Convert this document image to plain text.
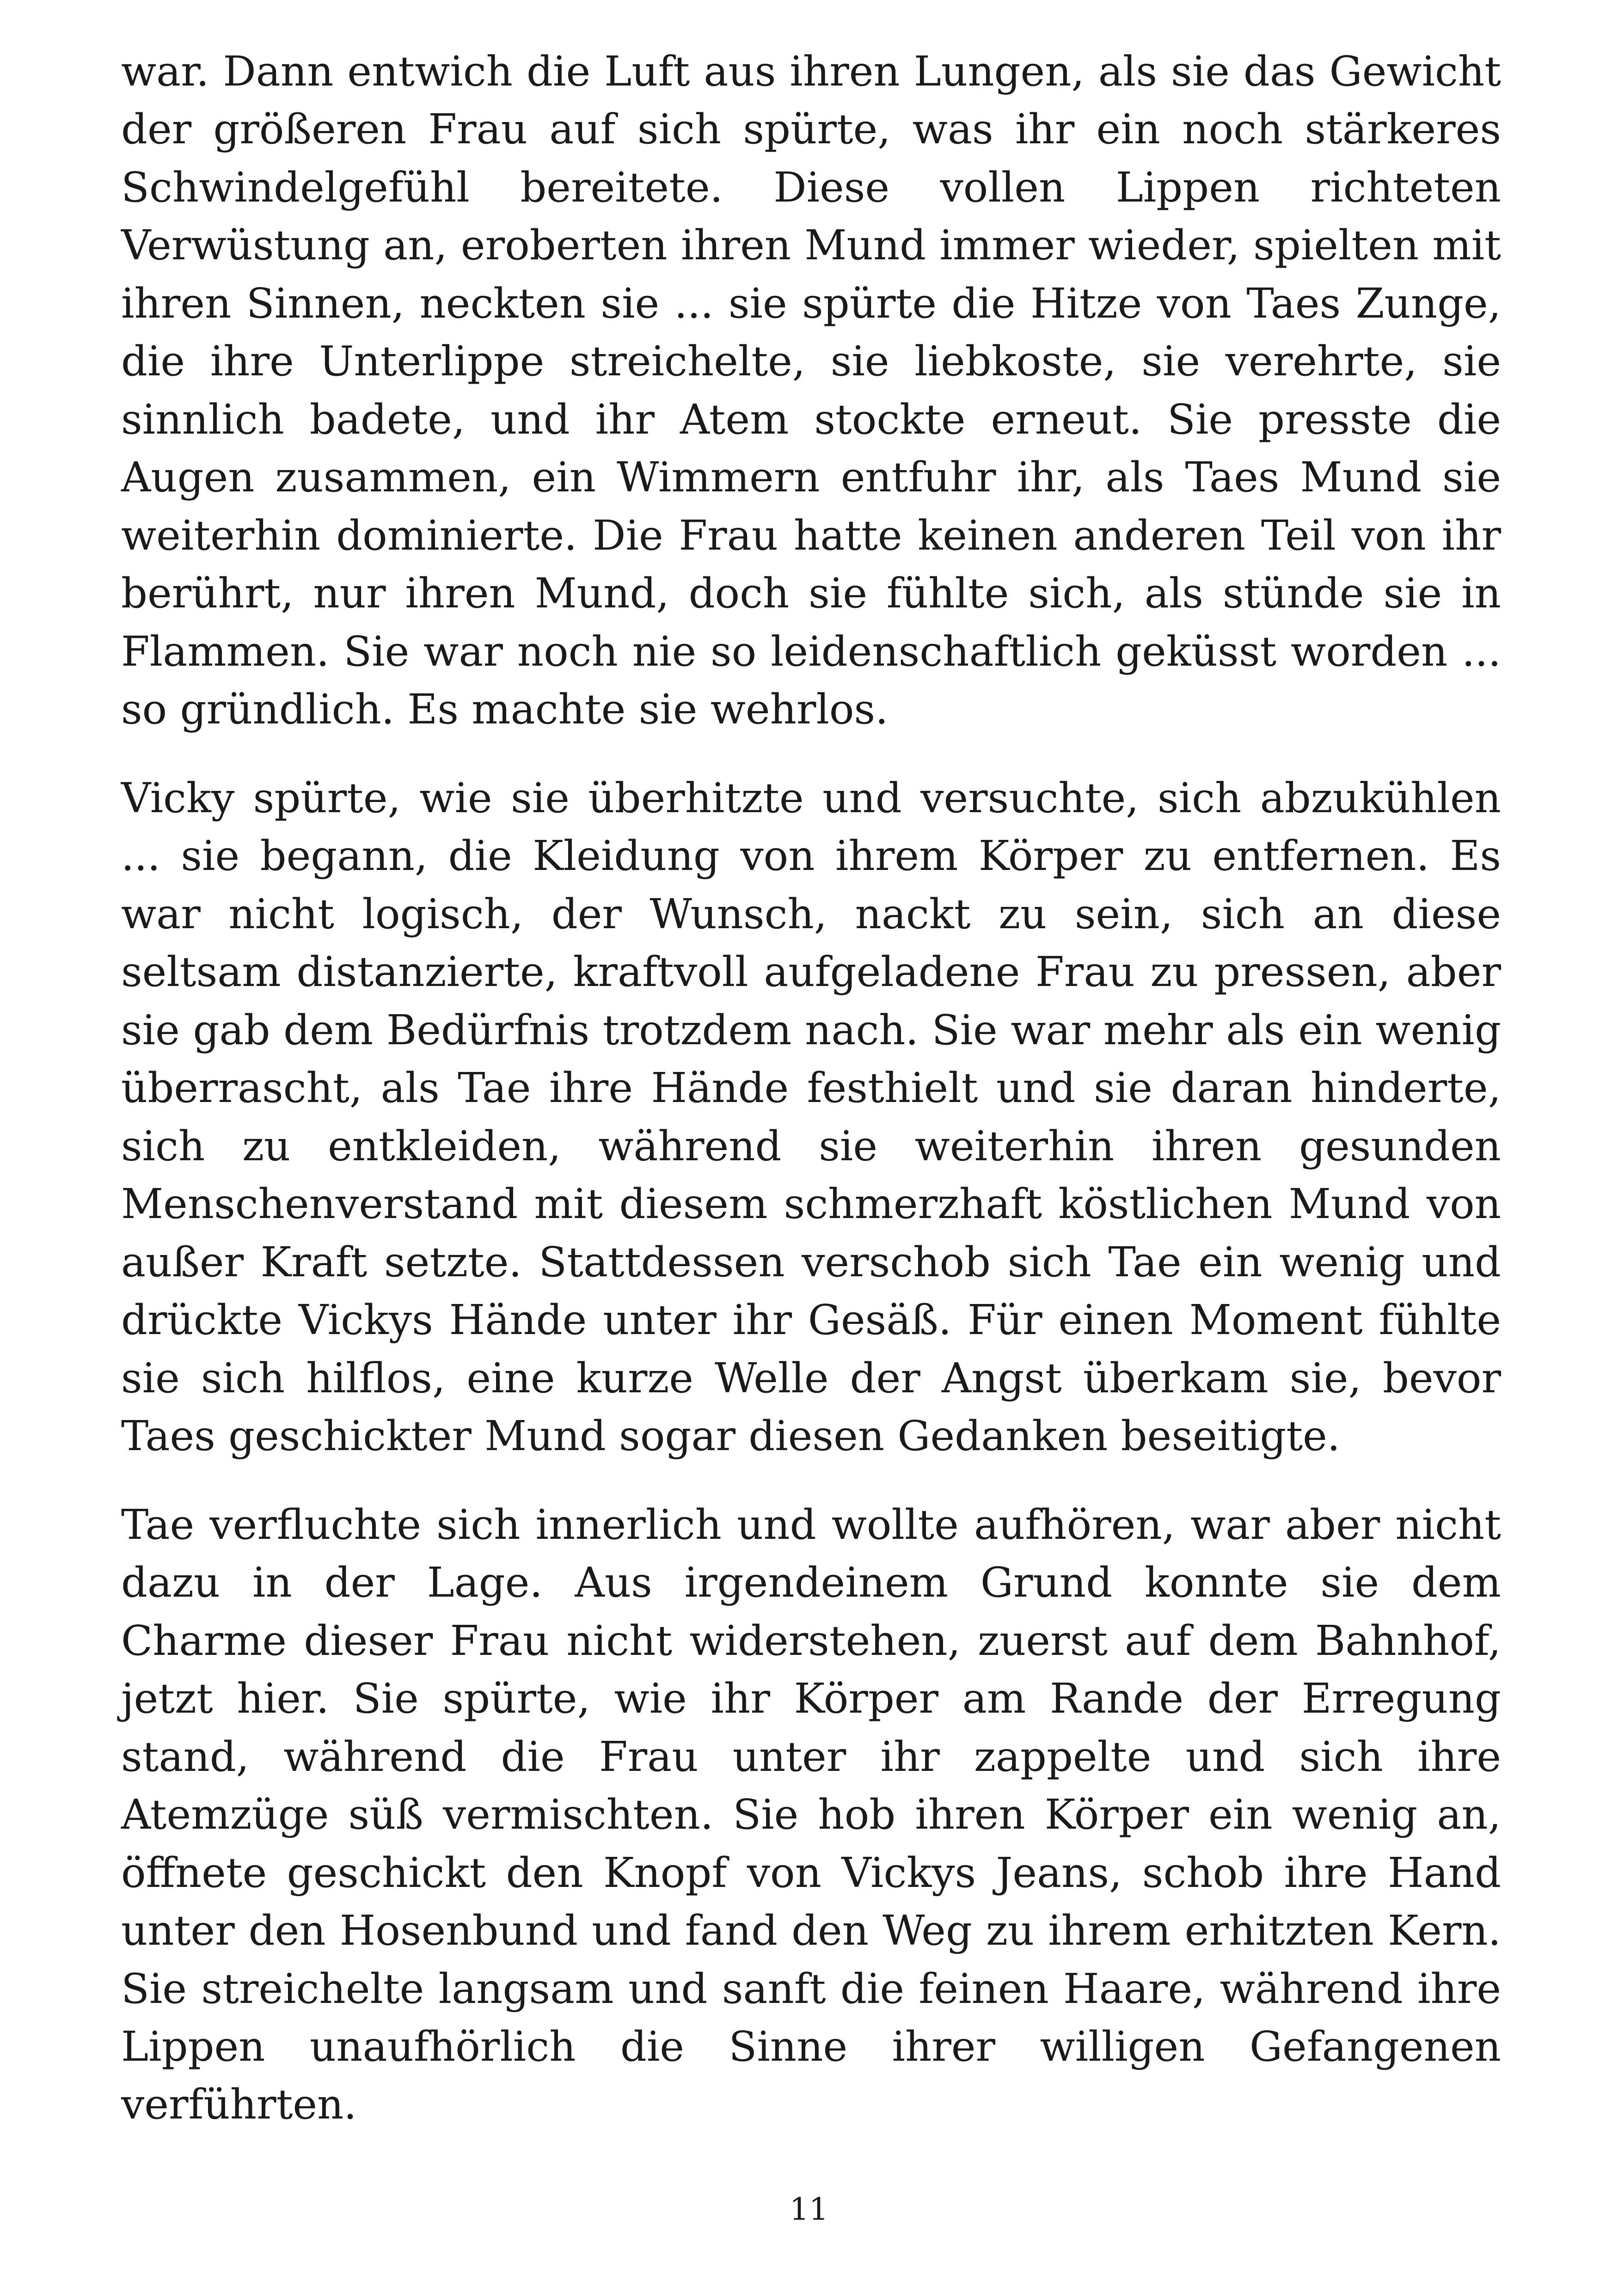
war. Dann entwich die Luft aus ihren Lungen, als sie das Gewicht der größeren Frau auf sich spürte, was ihr ein noch stärkeres Schwindelgefühl bereitete. Diese vollen Lippen richteten Verwüstung an, eroberten ihren Mund immer wieder, spielten mit ihren Sinnen, neckten sie ... sie spürte die Hitze von Taes Zunge, die ihre Unterlippe streichelte, sie liebkoste, sie verehrte, sie sinnlich badete, und ihr Atem stockte erneut. Sie presste die Augen zusammen, ein Wimmern entfuhr ihr, als Taes Mund sie weiterhin dominierte. Die Frau hatte keinen anderen Teil von ihr berührt, nur ihren Mund, doch sie fühlte sich, als stünde sie in Flammen. Sie war noch nie so leidenschaftlich geküsst worden ... so gründlich. Es machte sie wehrlos.

Vicky spürte, wie sie überhitzte und versuchte, sich abzukühlen ... sie begann, die Kleidung von ihrem Körper zu entfernen. Es war nicht logisch, der Wunsch, nackt zu sein, sich an diese seltsam distanzierte, kraftvoll aufgeladene Frau zu pressen, aber sie gab dem Bedürfnis trotzdem nach. Sie war mehr als ein wenig überrascht, als Tae ihre Hände festhielt und sie daran hinderte, sich zu entkleiden, während sie weiterhin ihren gesunden Menschenverstand mit diesem schmerzhaft köstlichen Mund von außer Kraft setzte. Stattdessen verschob sich Tae ein wenig und drückte Vickys Hände unter ihr Gesäß. Für einen Moment fühlte sie sich hilflos, eine kurze Welle der Angst überkam sie, bevor Taes geschickter Mund sogar diesen Gedanken beseitigte.

Tae verfluchte sich innerlich und wollte aufhören, war aber nicht dazu in der Lage. Aus irgendeinem Grund konnte sie dem Charme dieser Frau nicht widerstehen, zuerst auf dem Bahnhof, jetzt hier. Sie spürte, wie ihr Körper am Rande der Erregung stand, während die Frau unter ihr zappelte und sich ihre Atemzüge süß vermischten. Sie hob ihren Körper ein wenig an, öffnete geschickt den Knopf von Vickys Jeans, schob ihre Hand unter den Hosenbund und fand den Weg zu ihrem erhitzten Kern. Sie streichelte langsam und sanft die feinen Haare, während ihre Lippen unaufhörlich die Sinne ihrer willigen Gefangenen verführten.

11
